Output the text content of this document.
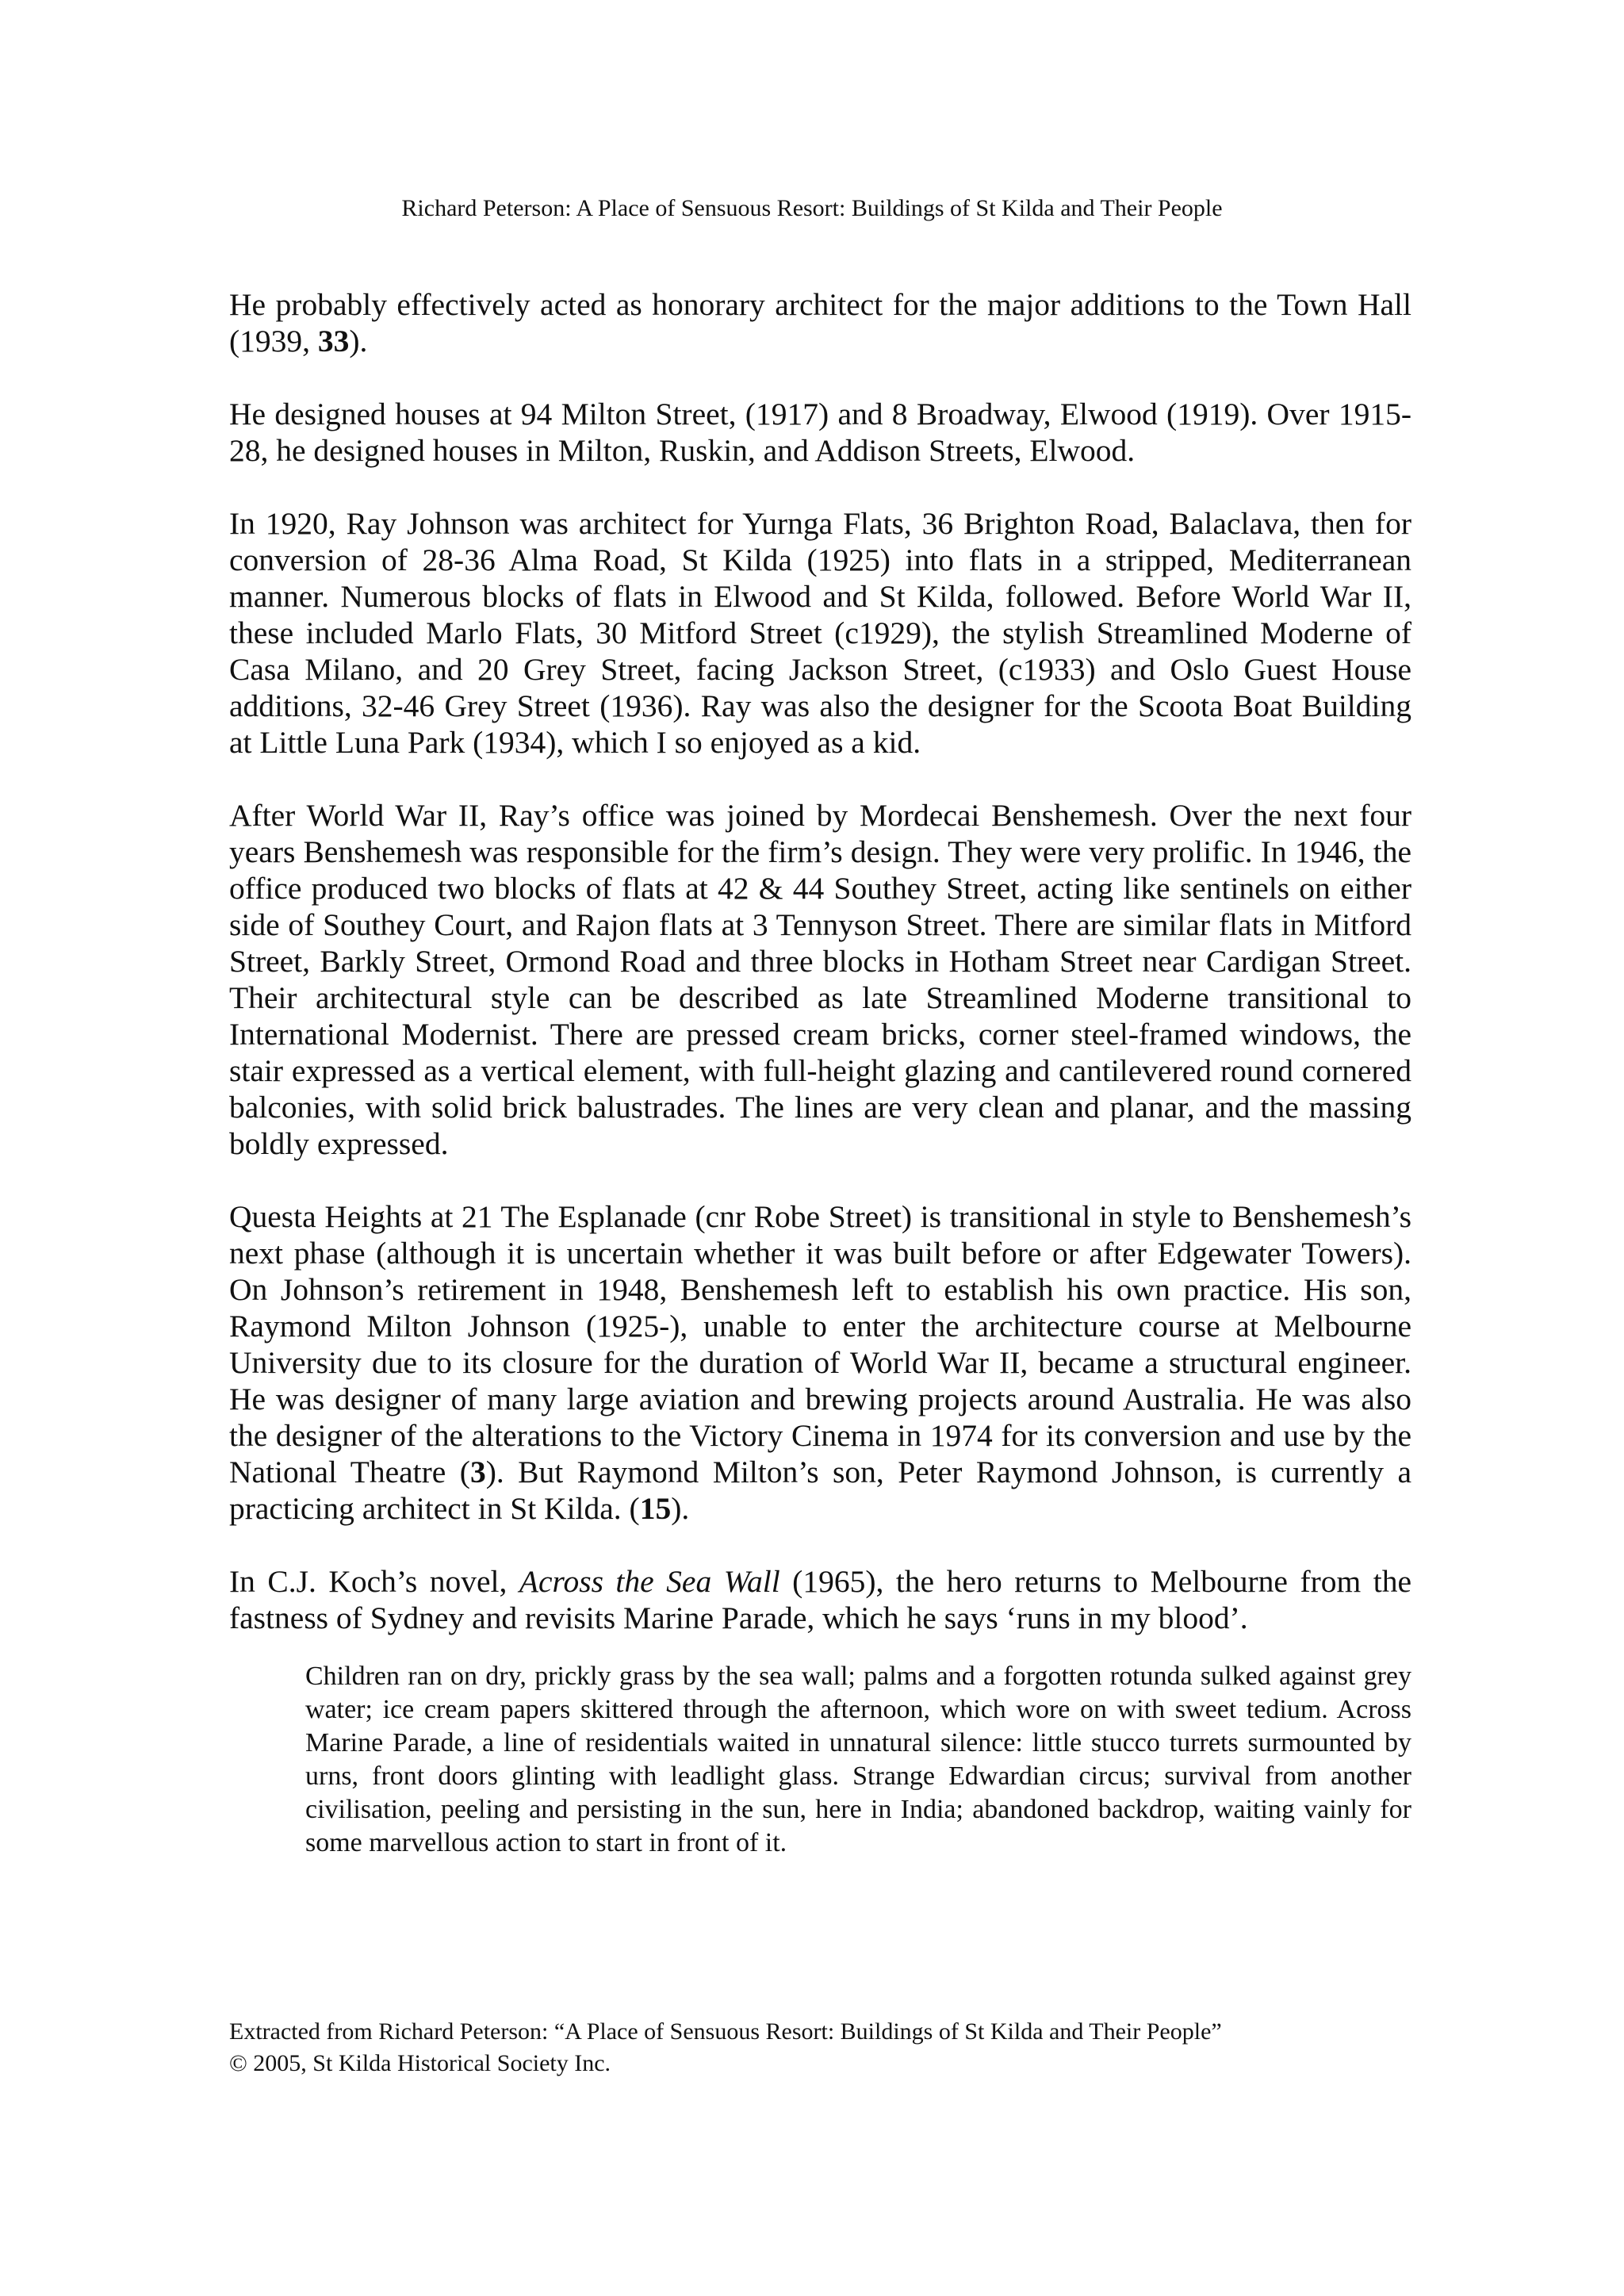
Richard Peterson: A Place of Sensuous Resort: Buildings of St Kilda and Their People

He probably effectively acted as honorary architect for the major additions to the Town Hall (1939, 33).

He designed houses at 94 Milton Street, (1917) and 8 Broadway, Elwood (1919). Over 1915-28, he designed houses in Milton, Ruskin, and Addison Streets, Elwood.

In 1920, Ray Johnson was architect for Yurnga Flats, 36 Brighton Road, Balaclava, then for conversion of 28-36 Alma Road, St Kilda (1925) into flats in a stripped, Mediterranean manner. Numerous blocks of flats in Elwood and St Kilda, followed. Before World War II, these included Marlo Flats, 30 Mitford Street (c1929), the stylish Streamlined Moderne of Casa Milano, and 20 Grey Street, facing Jackson Street, (c1933) and Oslo Guest House additions, 32-46 Grey Street (1936). Ray was also the designer for the Scoota Boat Building at Little Luna Park (1934), which I so enjoyed as a kid.

After World War II, Ray’s office was joined by Mordecai Benshemesh. Over the next four years Benshemesh was responsible for the firm’s design. They were very prolific. In 1946, the office produced two blocks of flats at 42 & 44 Southey Street, acting like sentinels on either side of Southey Court, and Rajon flats at 3 Tennyson Street. There are similar flats in Mitford Street, Barkly Street, Ormond Road and three blocks in Hotham Street near Cardigan Street. Their architectural style can be described as late Streamlined Moderne transitional to International Modernist. There are pressed cream bricks, corner steel-framed windows, the stair expressed as a vertical element, with full-height glazing and cantilevered round cornered balconies, with solid brick balustrades. The lines are very clean and planar, and the massing boldly expressed.

Questa Heights at 21 The Esplanade (cnr Robe Street) is transitional in style to Benshemesh’s next phase (although it is uncertain whether it was built before or after Edgewater Towers). On Johnson’s retirement in 1948, Benshemesh left to establish his own practice. His son, Raymond Milton Johnson (1925-), unable to enter the architecture course at Melbourne University due to its closure for the duration of World War II, became a structural engineer. He was designer of many large aviation and brewing projects around Australia. He was also the designer of the alterations to the Victory Cinema in 1974 for its conversion and use by the National Theatre (3). But Raymond Milton’s son, Peter Raymond Johnson, is currently a practicing architect in St Kilda. (15).

In C.J. Koch’s novel, Across the Sea Wall (1965), the hero returns to Melbourne from the fastness of Sydney and revisits Marine Parade, which he says ‘runs in my blood’.

Children ran on dry, prickly grass by the sea wall; palms and a forgotten rotunda sulked against grey water; ice cream papers skittered through the afternoon, which wore on with sweet tedium. Across Marine Parade, a line of residentials waited in unnatural silence: little stucco turrets surmounted by urns, front doors glinting with leadlight glass. Strange Edwardian circus; survival from another civilisation, peeling and persisting in the sun, here in India; abandoned backdrop, waiting vainly for some marvellous action to start in front of it.

Extracted from Richard Peterson: “A Place of Sensuous Resort: Buildings of St Kilda and Their People”

© 2005, St Kilda Historical Society Inc.
